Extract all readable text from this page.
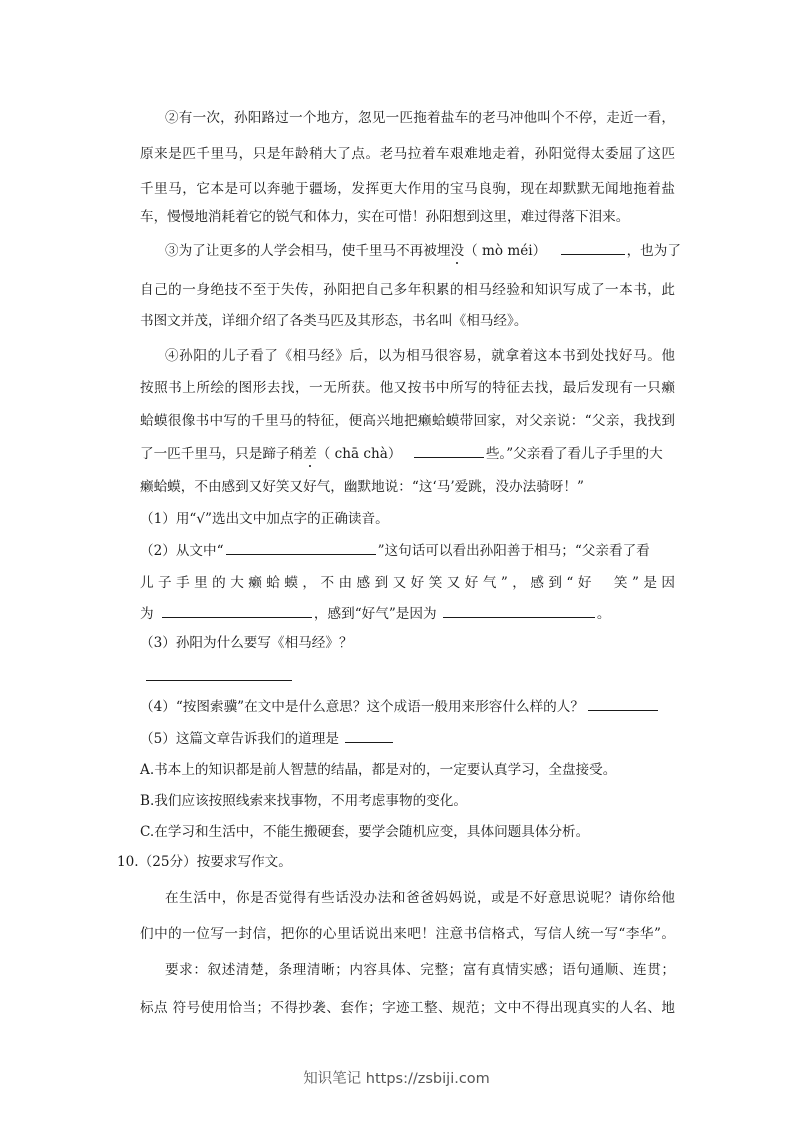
②有一次，孙阳路过一个地方，忽见一匹拖着盐车的老马冲他叫个不停，走近一看，
原来是匹千里马，只是年龄稍大了点。老马拉着车艰难地走着，孙阳觉得太委屈了这匹
千里马，它本是可以奔驰于疆场，发挥更大作用的宝马良驹，现在却默默无闻地拖着盐
车，慢慢地消耗着它的锐气和体力，实在可惜！孙阳想到这里，难过得落下泪来。
③为了让更多的人学会相马，使千里马不再被埋没（ mò méi）	，也为了
自己的一身绝技不至于失传，孙阳把自己多年积累的相马经验和知识写成了一本书，此
书图文并茂，详细介绍了各类马匹及其形态，书名叫《相马经》。
④孙阳的儿子看了《相马经》后，以为相马很容易，就拿着这本书到处找好马。他
按照书上所绘的图形去找，一无所获。他又按书中所写的特征去找，最后发现有一只癞
蛤蟆很像书中写的千里马的特征，便高兴地把癞蛤蟆带回家，对父亲说：“父亲，我找到
了一匹千里马，只是蹄子稍差（ chā chà）	些。”父亲看了看儿子手里的大
癞蛤蟆，不由感到又好笑又好气，幽默地说：“这‘马’爱跳，没办法骑呀！”
（1）用“√”选出文中加点字的正确读音。
（2）从文中“	”这句话可以看出孙阳善于相马；“父亲看了看
儿子手里的大癞蛤蟆，不由感到又好笑又好气”，感到“好　笑”是因
为	，感到“好气”是因为	。
（3）孙阳为什么要写《相马经》？
（4）“按图索骥”在文中是什么意思？这个成语一般用来形容什么样的人？
（5）这篇文章告诉我们的道理是
A.书本上的知识都是前人智慧的结晶，都是对的，一定要认真学习，全盘接受。
B.我们应该按照线索来找事物，不用考虑事物的变化。
C.在学习和生活中，不能生搬硬套，要学会随机应变，具体问题具体分析。
10.（25分）按要求写作文。
在生活中，你是否觉得有些话没办法和爸爸妈妈说，或是不好意思说呢？请你给他
们中的一位写一封信，把你的心里话说出来吧！注意书信格式，写信人统一写“李华”。
要求：叙述清楚，条理清晰；内容具体、完整；富有真情实感；语句通顺、连贯；
标点 符号使用恰当；不得抄袭、套作；字迹工整、规范；文中不得出现真实的人名、地
知识笔记 https://zsbiji.com
